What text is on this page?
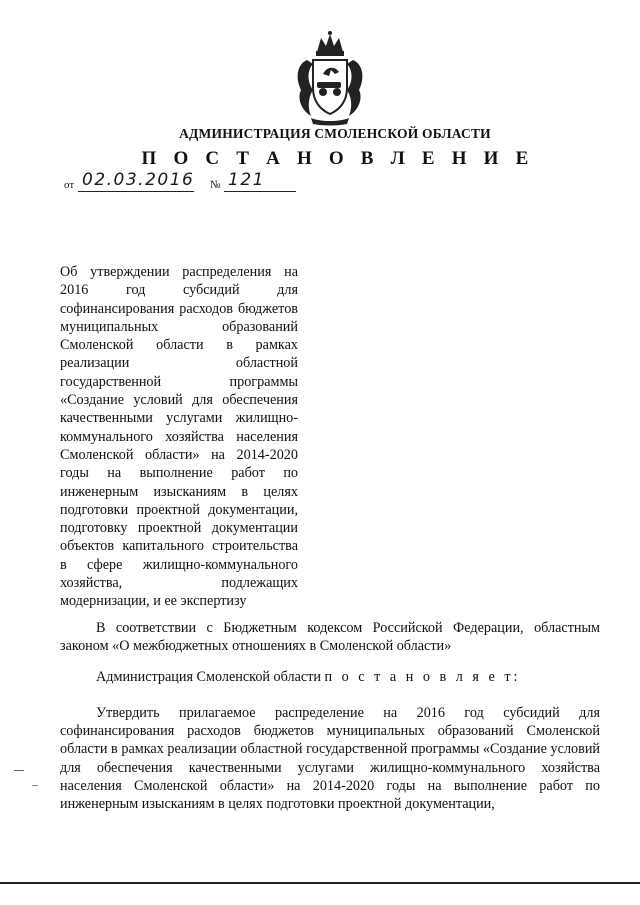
АДМИНИСТРАЦИЯ СМОЛЕНСКОЙ ОБЛАСТИ
П О С Т А Н О В Л Е Н И Е
от 02.03.2016 № 121
Об утверждении распределения на 2016 год субсидий для софинансирования расходов бюджетов муниципальных образований Смоленской области в рамках реализации областной государственной программы «Создание условий для обеспечения качественными услугами жилищно-коммунального хозяйства населения Смоленской области» на 2014-2020 годы на выполнение работ по инженерным изысканиям в целях подготовки проектной документации, подготовку проектной документации объектов капитального строительства в сфере жилищно-коммунального хозяйства, подлежащих
модернизации, и ее экспертизу
В соответствии с Бюджетным кодексом Российской Федерации, областным законом «О межбюджетных отношениях в Смоленской области»
Администрация Смоленской области п о с т а н о в л я е т:
Утвердить прилагаемое распределение на 2016 год субсидий для софинансирования расходов бюджетов муниципальных образований Смоленской области в рамках реализации областной государственной программы «Создание условий для обеспечения качественными услугами жилищно-коммунального хозяйства населения Смоленской области» на 2014-2020 годы на выполнение работ по инженерным изысканиям в целях подготовки проектной документации,
